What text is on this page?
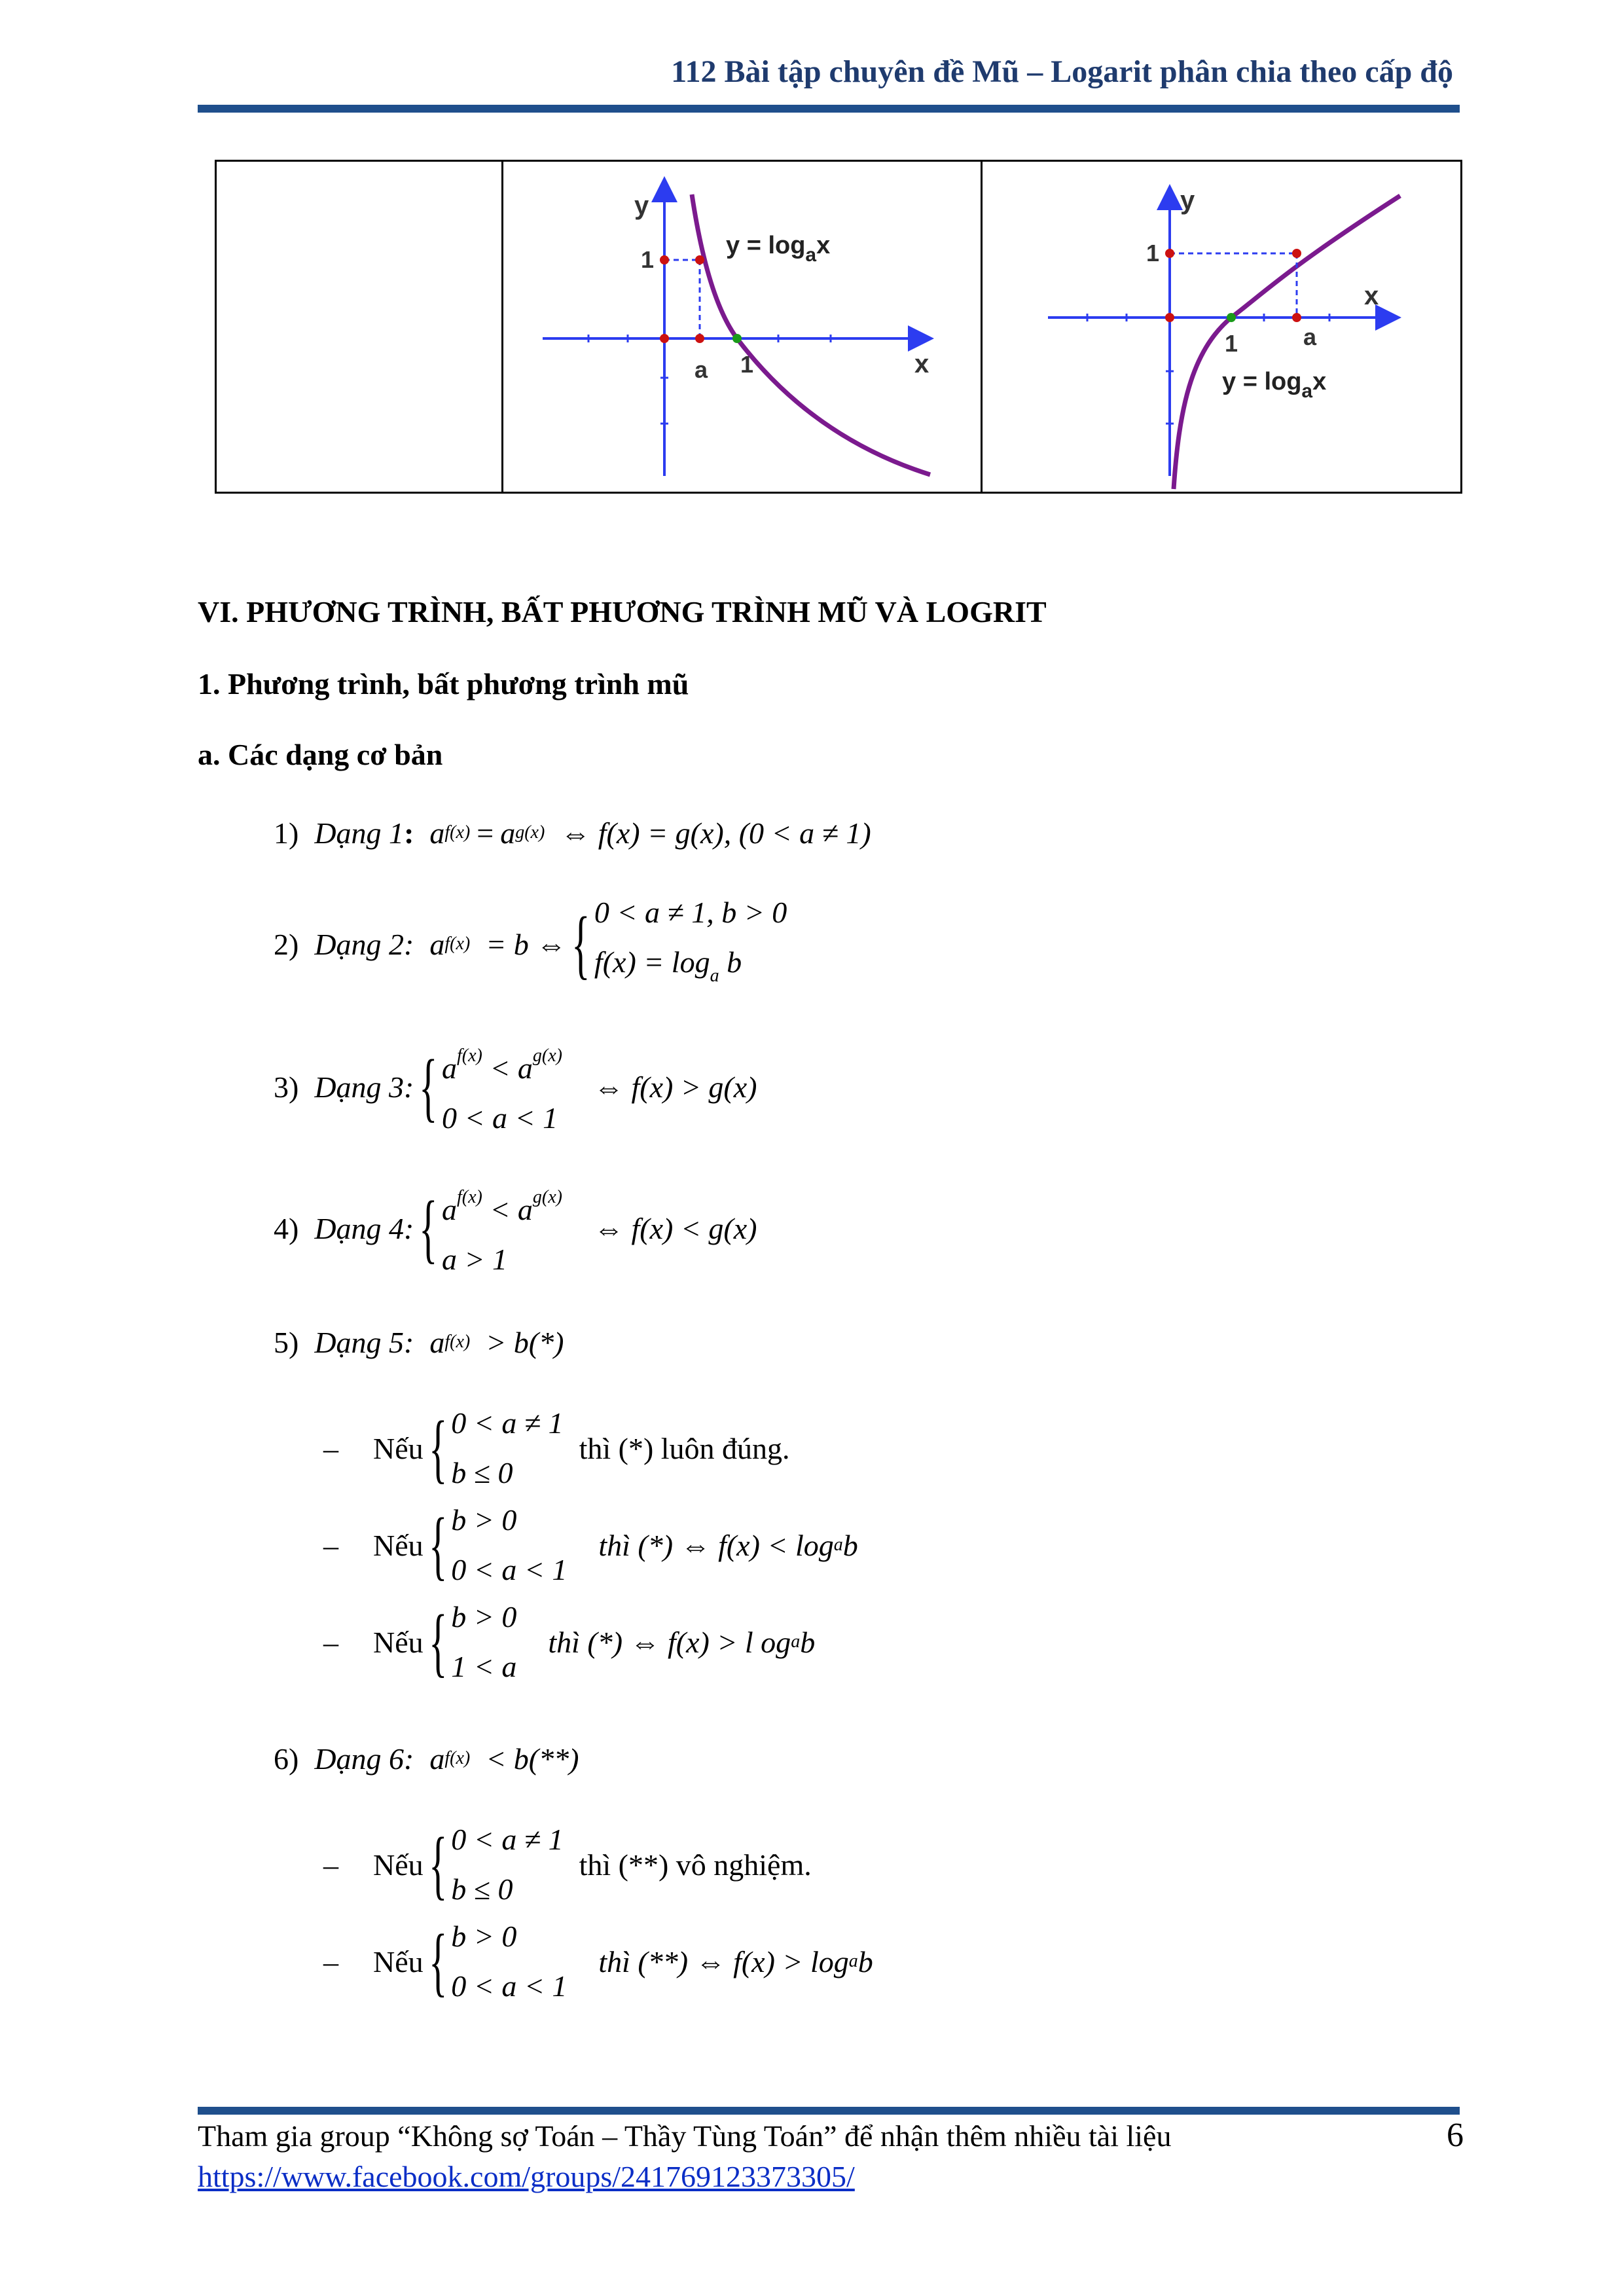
112 Bài tập chuyên đề Mũ – Logarit phân chia theo cấp độ
y
1
a 1	x
$y = \log_ax$
y
1
x
1	a
$y = \log_ax$
VI. PHƯƠNG TRÌNH, BẤT PHƯƠNG TRÌNH MŨ VÀ LOGRIT
1. Phương trình, bất phương trình mũ
a. Các dạng cơ bản
1) Dạng 1 : a f(x) = a g(x) ⇔ f(x) = g(x), (0 < a ≠ 1)
2) Dạng 2: a f(x) = b ⇔ { 0 < a ≠ 1, b > 0
$f(x) = \log_a b$
3) Dạng 3: { $a^{f(x)} < a^{g(x)}$
0 < a < 1
⇔ f(x) > g(x)
4) Dạng 4: { $a^{f(x)} < a^{g(x)}$
a > 1
⇔ f(x) < g(x)
5) Dạng 5: a f(x) > b(*)
– Nếu { 0 < a ≠ 1
b ≤ 0
thì (*) luôn đúng.
– Nếu { b > 0
0 < a < 1
thì (*) ⇔ f(x) < log a b
– Nếu { b > 0
1 < a
thì (*) ⇔ f(x) > l og a b
6) Dạng 6: a f(x) < b(**)
– Nếu { 0 < a ≠ 1
b ≤ 0
thì (**) vô nghiệm.
– Nếu { b > 0
0 < a < 1
thì (**) ⇔ f(x) > log a b
Tham gia group “Không sợ Toán – Thầy Tùng Toán” để nhận thêm nhiều tài liệu
https://www.facebook.com/groups/241769123373305/
6
